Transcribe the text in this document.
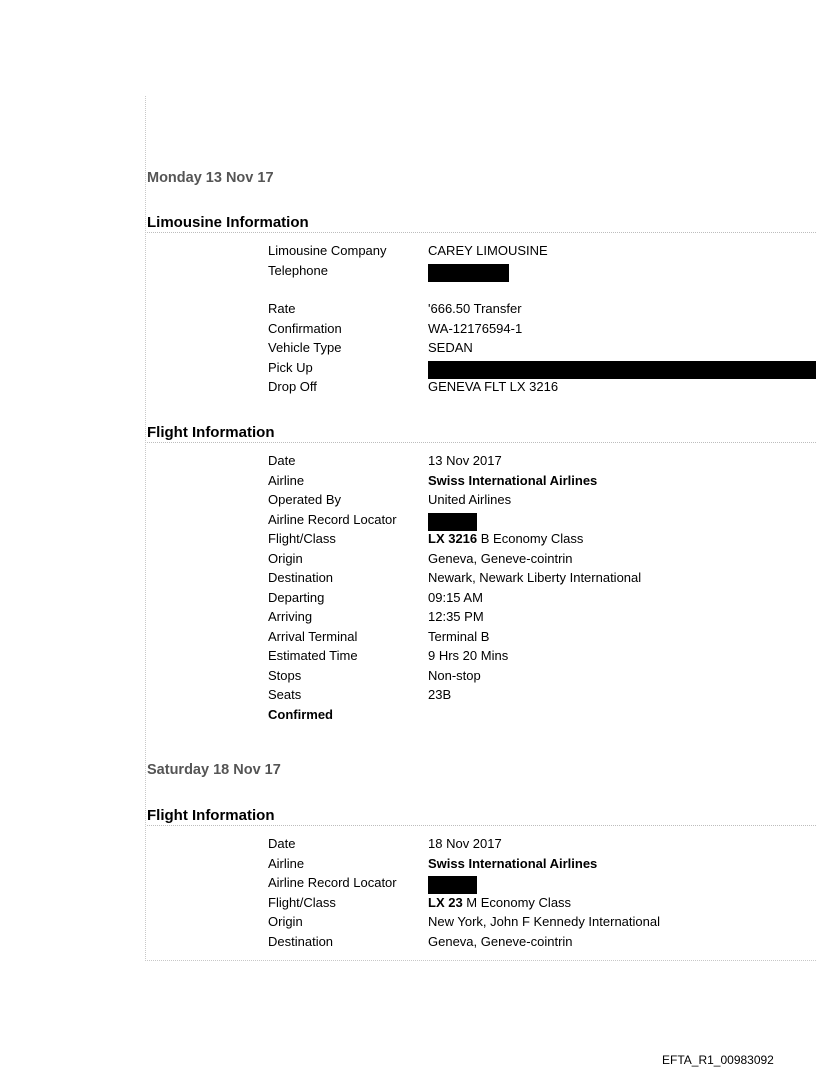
Monday 13 Nov 17
Limousine Information
Limousine Company	CAREY LIMOUSINE
Telephone
Rate	'666.50 Transfer
Confirmation	WA-12176594-1
Vehicle Type	SEDAN
Pick Up
Drop Off	GENEVA FLT LX 3216
Flight Information
Date	13 Nov 2017
Airline	Swiss International Airlines
Operated By	United Airlines
Airline Record Locator
Flight/Class	LX 3216 B Economy Class
Origin	Geneva, Geneve-cointrin
Destination	Newark, Newark Liberty International
Departing	09:15 AM
Arriving	12:35 PM
Arrival Terminal	Terminal B
Estimated Time	9 Hrs 20 Mins
Stops	Non-stop
Seats	23B
Confirmed
Saturday 18 Nov 17
Flight Information
Date	18 Nov 2017
Airline	Swiss International Airlines
Airline Record Locator
Flight/Class	LX 23 M Economy Class
Origin	New York, John F Kennedy International
Destination	Geneva, Geneve-cointrin
EFTA_R1_00983092
